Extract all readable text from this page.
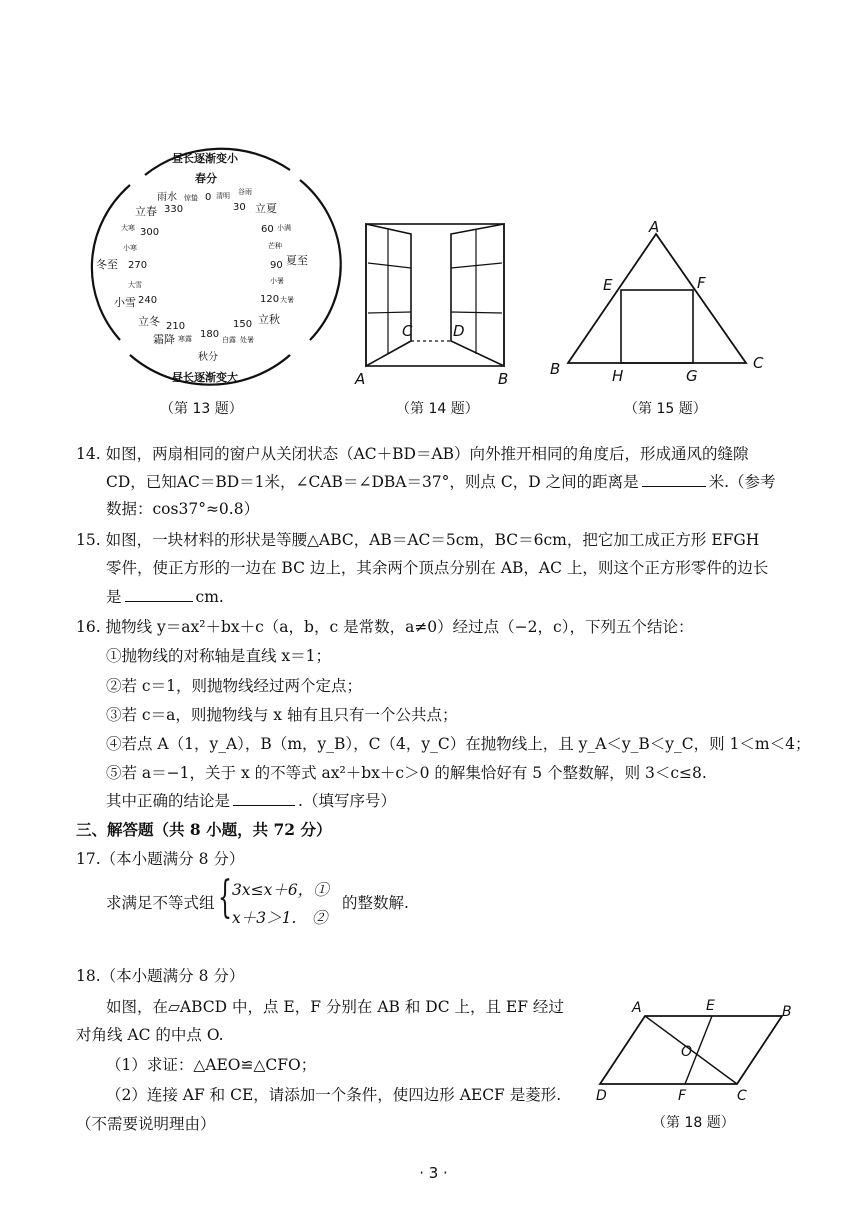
昼长逐渐变小
昼长逐渐变大
春分
雨水 惊蛰 0 清明 谷雨
30
立春 330	立夏
大寒 300	60 小满
小寒	芒种
冬至 270	90 夏至
小暑
大雪
120 大暑
小雪 240
立冬 210	150 立秋
霜降 寒露 180 白露 处暑
秋分
（第 13 题）
A	B
C	D
（第 14 题）
A
B	C
E	F
H	G
（第 15 题）
14. 如图，两扇相同的窗户从关闭状态（AC＋BD＝AB）向外推开相同的角度后，形成通风的缝隙
CD，已知AC＝BD＝1米，∠CAB＝∠DBA＝37°，则点 C，D 之间的距离是	米.（参考
数据：cos37°≈0.8）
15. 如图，一块材料的形状是等腰△ABC，AB＝AC＝5cm，BC＝6cm，把它加工成正方形 EFGH
零件，使正方形的一边在 BC 边上，其余两个顶点分别在 AB，AC 上，则这个正方形零件的边长
是	cm.
16. 抛物线 y＝ax²＋bx＋c（a，b，c 是常数，a≠0）经过点（−2，c），下列五个结论：
①抛物线的对称轴是直线 x＝1；
②若 c＝1，则抛物线经过两个定点；
③若 c＝a，则抛物线与 x 轴有且只有一个公共点；
④若点 A（1，y_A），B（m，y_B），C（4，y_C）在抛物线上，且 y_A＜y_B＜y_C，则 1＜m＜4；
⑤若 a＝−1，关于 x 的不等式 ax²＋bx＋c＞0 的解集恰好有 5 个整数解，则 3＜c≤8.
其中正确的结论是	.（填写序号）
三、解答题（共 8 小题，共 72 分）
17.（本小题满分 8 分）
求满足不等式组 { 3x≤x＋6，①
x＋3＞1.　②
的整数解.
18.（本小题满分 8 分）
如图，在▱ABCD 中，点 E，F 分别在 AB 和 DC 上，且 EF 经过
对角线 AC 的中点 O.
（1）求证：△AEO≌△CFO；
（2）连接 AF 和 CE，请添加一个条件，使四边形 AECF 是菱形.
（不需要说明理由）
A	E	B
O
D	F	C
（第 18 题）
· 3 ·
